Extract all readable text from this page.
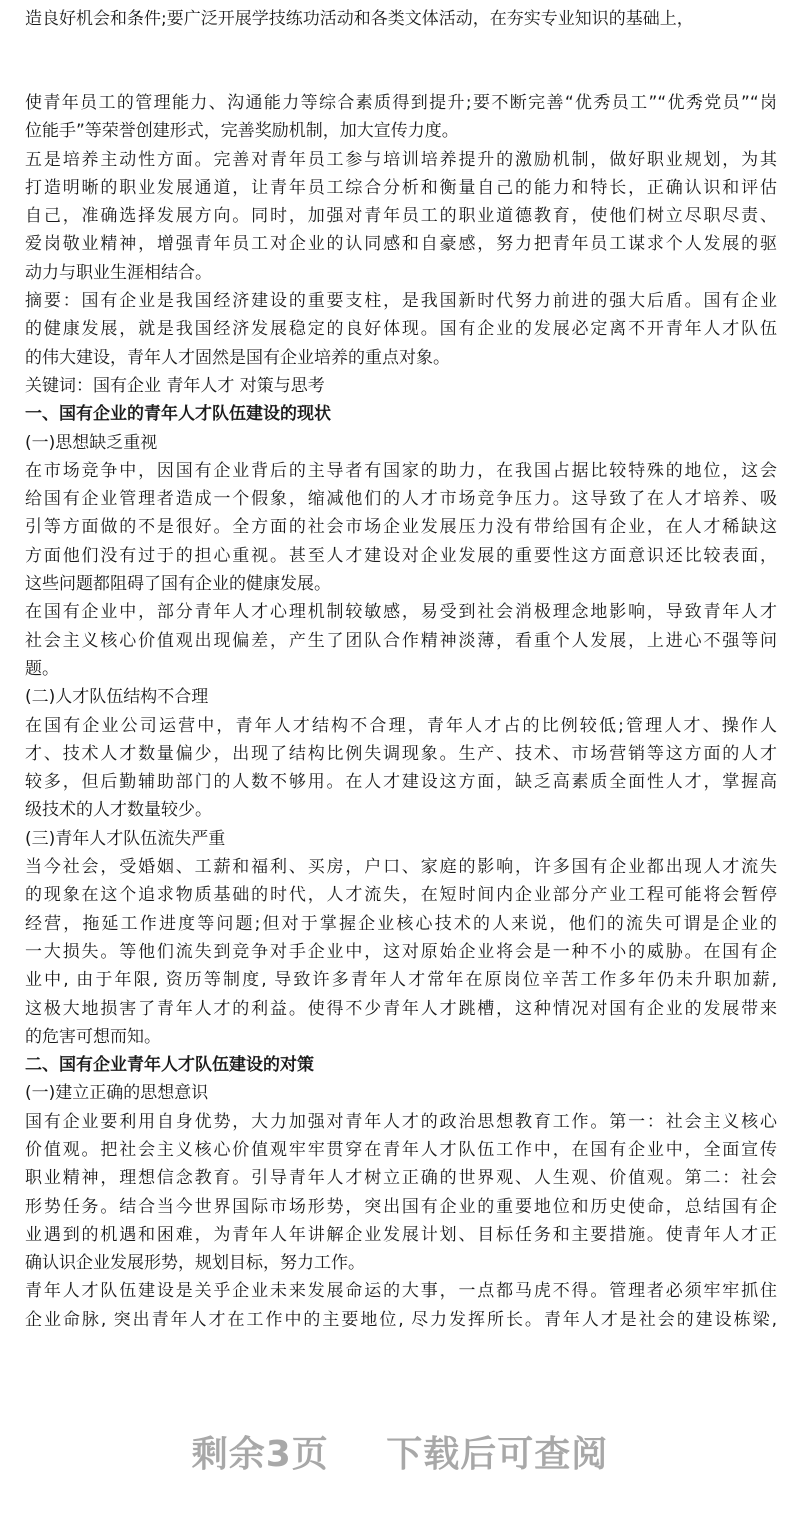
造良好机会和条件;要广泛开展学技练功活动和各类文体活动，在夯实专业知识的基础上，
使青年员工的管理能力、沟通能力等综合素质得到提升;要不断完善“优秀员工”“优秀党员”“岗
位能手”等荣誉创建形式，完善奖励机制，加大宣传力度。
五是培养主动性方面。完善对青年员工参与培训培养提升的激励机制，做好职业规划，为其
打造明晰的职业发展通道，让青年员工综合分析和衡量自己的能力和特长，正确认识和评估
自己，准确选择发展方向。同时，加强对青年员工的职业道德教育，使他们树立尽职尽责、
爱岗敬业精神，增强青年员工对企业的认同感和自豪感，努力把青年员工谋求个人发展的驱
动力与职业生涯相结合。
摘要：国有企业是我国经济建设的重要支柱，是我国新时代努力前进的强大后盾。国有企业
的健康发展，就是我国经济发展稳定的良好体现。国有企业的发展必定离不开青年人才队伍
的伟大建设，青年人才固然是国有企业培养的重点对象。
关键词：国有企业 青年人才 对策与思考
一、国有企业的青年人才队伍建设的现状
(一)思想缺乏重视
在市场竞争中，因国有企业背后的主导者有国家的助力，在我国占据比较特殊的地位，这会
给国有企业管理者造成一个假象，缩减他们的人才市场竞争压力。这导致了在人才培养、吸
引等方面做的不是很好。全方面的社会市场企业发展压力没有带给国有企业，在人才稀缺这
方面他们没有过于的担心重视。甚至人才建设对企业发展的重要性这方面意识还比较表面，
这些问题都阻碍了国有企业的健康发展。
在国有企业中，部分青年人才心理机制较敏感，易受到社会消极理念地影响，导致青年人才
社会主义核心价值观出现偏差，产生了团队合作精神淡薄，看重个人发展，上进心不强等问
题。
(二)人才队伍结构不合理
在国有企业公司运营中，青年人才结构不合理，青年人才占的比例较低;管理人才、操作人
才、技术人才数量偏少，出现了结构比例失调现象。生产、技术、市场营销等这方面的人才
较多，但后勤辅助部门的人数不够用。在人才建设这方面，缺乏高素质全面性人才，掌握高
级技术的人才数量较少。
(三)青年人才队伍流失严重
当今社会，受婚姻、工薪和福利、买房，户口、家庭的影响，许多国有企业都出现人才流失
的现象在这个追求物质基础的时代，人才流失，在短时间内企业部分产业工程可能将会暂停
经营，拖延工作进度等问题;但对于掌握企业核心技术的人来说，他们的流失可谓是企业的
一大损失。等他们流失到竞争对手企业中，这对原始企业将会是一种不小的威胁。在国有企
业中, 由于年限, 资历等制度, 导致许多青年人才常年在原岗位辛苦工作多年仍未升职加薪,
这极大地损害了青年人才的利益。使得不少青年人才跳槽，这种情况对国有企业的发展带来
的危害可想而知。
二、国有企业青年人才队伍建设的对策
(一)建立正确的思想意识
国有企业要利用自身优势，大力加强对青年人才的政治思想教育工作。第一：社会主义核心
价值观。把社会主义核心价值观牢牢贯穿在青年人才队伍工作中，在国有企业中，全面宣传
职业精神，理想信念教育。引导青年人才树立正确的世界观、人生观、价值观。第二：社会
形势任务。结合当今世界国际市场形势，突出国有企业的重要地位和历史使命，总结国有企
业遇到的机遇和困难，为青年人年讲解企业发展计划、目标任务和主要措施。使青年人才正
确认识企业发展形势，规划目标，努力工作。
青年人才队伍建设是关乎企业未来发展命运的大事，一点都马虎不得。管理者必须牢牢抓住
企业命脉, 突出青年人才在工作中的主要地位, 尽力发挥所长。青年人才是社会的建设栋梁,
剩余3页 下载后可查阅
